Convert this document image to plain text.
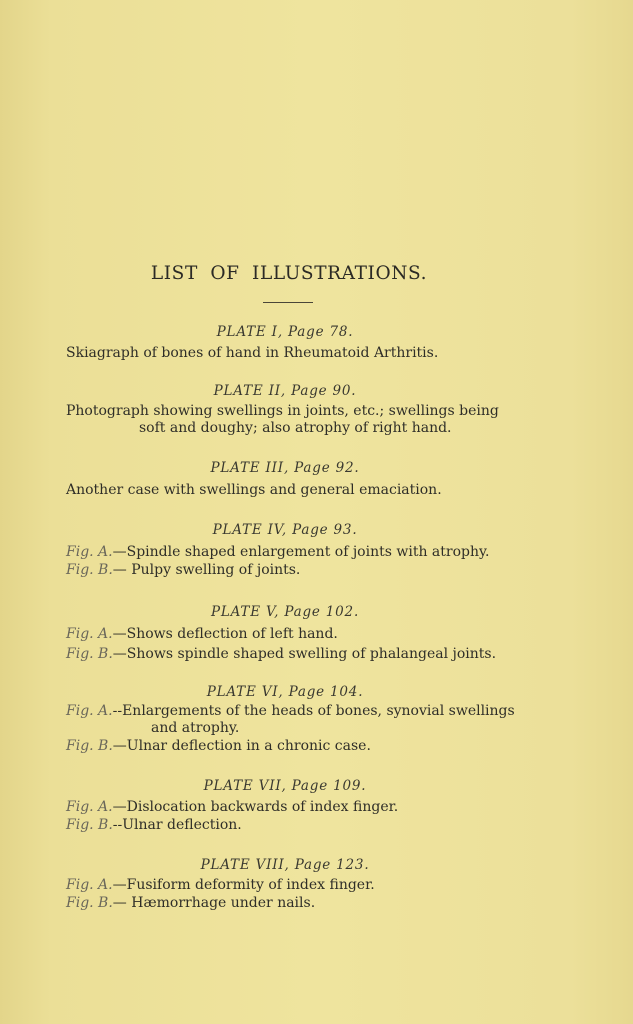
LIST OF ILLUSTRATIONS.
PLATE I, Page 78.
Skiagraph of bones of hand in Rheumatoid Arthritis.
PLATE II, Page 90.
Photograph showing swellings in joints, etc.; swellings being
soft and doughy; also atrophy of right hand.
PLATE III, Page 92.
Another case with swellings and general emaciation.
PLATE IV, Page 93.
Fig. A.—Spindle shaped enlargement of joints with atrophy.
Fig. B.— Pulpy swelling of joints.
PLATE V, Page 102.
Fig. A.—Shows deflection of left hand.
Fig. B.—Shows spindle shaped swelling of phalangeal joints.
PLATE VI, Page 104.
Fig. A.--Enlargements of the heads of bones, synovial swellings
and atrophy.
Fig. B.—Ulnar deflection in a chronic case.
PLATE VII, Page 109.
Fig. A.—Dislocation backwards of index finger.
Fig. B.--Ulnar deflection.
PLATE VIII, Page 123.
Fig. A.—Fusiform deformity of index finger.
Fig. B.— Hæmorrhage under nails.
